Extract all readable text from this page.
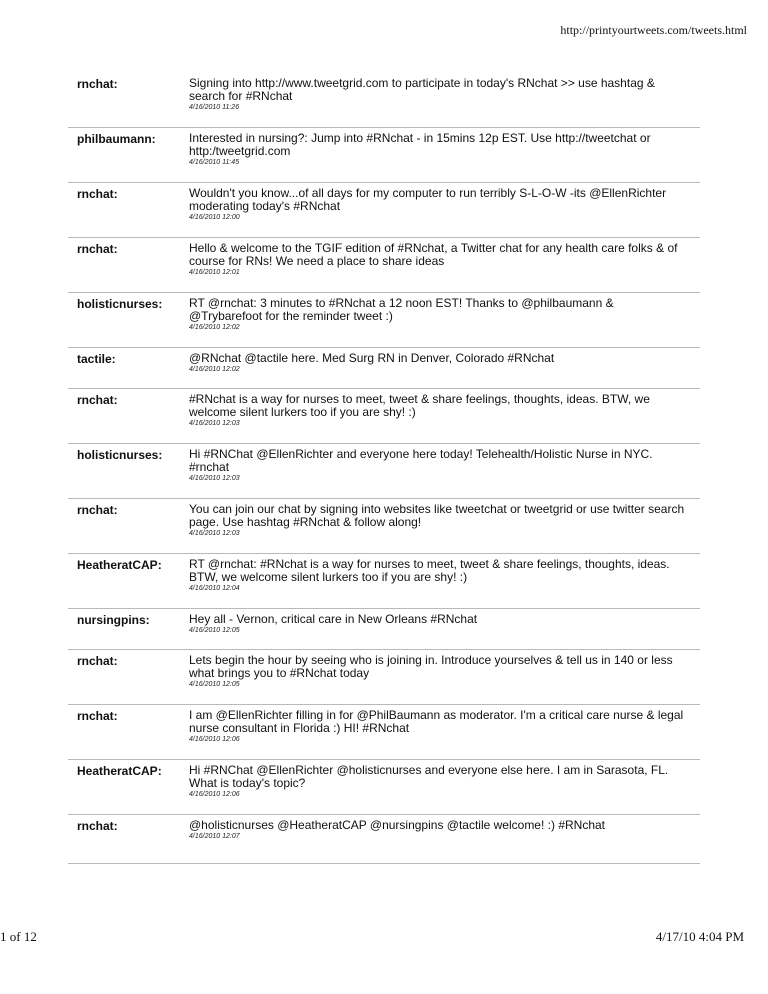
http://printyourtweets.com/tweets.html
rnchat:	Signing into http://www.tweetgrid.com to participate in today's RNchat >> use hashtag & search for #RNchat
4/16/2010 11:26
philbaumann:	Interested in nursing?: Jump into #RNchat - in 15mins 12p EST. Use http://tweetchat or http:/tweetgrid.com
4/16/2010 11:45
rnchat:	Wouldn't you know...of all days for my computer to run terribly S-L-O-W -its @EllenRichter moderating today's #RNchat
4/16/2010 12:00
rnchat:	Hello & welcome to the TGIF edition of #RNchat, a Twitter chat for any health care folks & of course for RNs! We need a place to share ideas
4/16/2010 12:01
holisticnurses: RT @rnchat: 3 minutes to #RNchat a 12 noon EST! Thanks to @philbaumann & @Trybarefoot for the reminder tweet :)
4/16/2010 12:02
tactile:	@RNchat @tactile here. Med Surg RN in Denver, Colorado #RNchat
4/16/2010 12:02
rnchat:	#RNchat is a way for nurses to meet, tweet & share feelings, thoughts, ideas. BTW, we welcome silent lurkers too if you are shy! :)
4/16/2010 12:03
holisticnurses: Hi #RNChat @EllenRichter and everyone here today! Telehealth/Holistic Nurse in NYC. #rnchat
4/16/2010 12:03
rnchat:	You can join our chat by signing into websites like tweetchat or tweetgrid or use twitter search page. Use hashtag #RNchat & follow along!
4/16/2010 12:03
HeatheratCAP: RT @rnchat: #RNchat is a way for nurses to meet, tweet & share feelings, thoughts, ideas. BTW, we welcome silent lurkers too if you are shy! :)
4/16/2010 12:04
nursingpins:	Hey all - Vernon, critical care in New Orleans #RNchat
4/16/2010 12:05
rnchat:	Lets begin the hour by seeing who is joining in. Introduce yourselves & tell us in 140 or less what brings you to #RNchat today
4/16/2010 12:05
rnchat:	I am @EllenRichter filling in for @PhilBaumann as moderator. I'm a critical care nurse & legal nurse consultant in Florida :) HI! #RNchat
4/16/2010 12:06
HeatheratCAP: Hi #RNChat @EllenRichter @holisticnurses and everyone else here. I am in Sarasota, FL. What is today's topic?
4/16/2010 12:06
rnchat:	@holisticnurses @HeatheratCAP @nursingpins @tactile welcome! :) #RNchat
4/16/2010 12:07
1 of 12	4/17/10 4:04 PM
